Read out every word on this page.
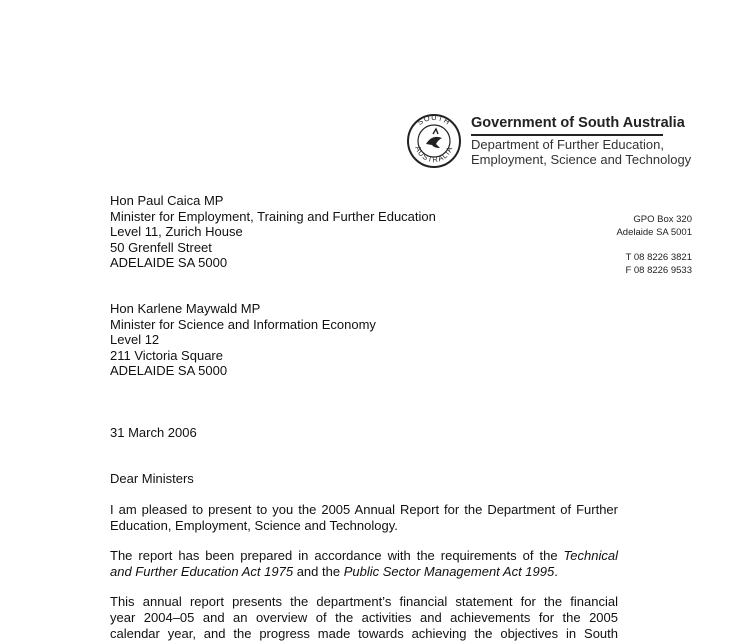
SOUTH
AUSTRALIA
Government of South Australia
Department of Further Education,
Employment, Science and Technology
GPO Box 320
Adelaide SA 5001
T 08 8226 3821
F 08 8226 9533
Hon Paul Caica MP
Minister for Employment, Training and Further Education
Level 11, Zurich House
50 Grenfell Street
ADELAIDE SA 5000
Hon Karlene Maywald MP
Minister for Science and Information Economy
Level 12
211 Victoria Square
ADELAIDE SA 5000
31 March 2006
Dear Ministers
I am pleased to present to you the 2005 Annual Report for the Department of Further
Education, Employment, Science and Technology.
The report has been prepared in accordance with the requirements of the Technical
and Further Education Act 1975 and the Public Sector Management Act 1995.
This annual report presents the department’s financial statement for the financial
year 2004–05 and an overview of the activities and achievements for the 2005
calendar year, and the progress made towards achieving the objectives in South
